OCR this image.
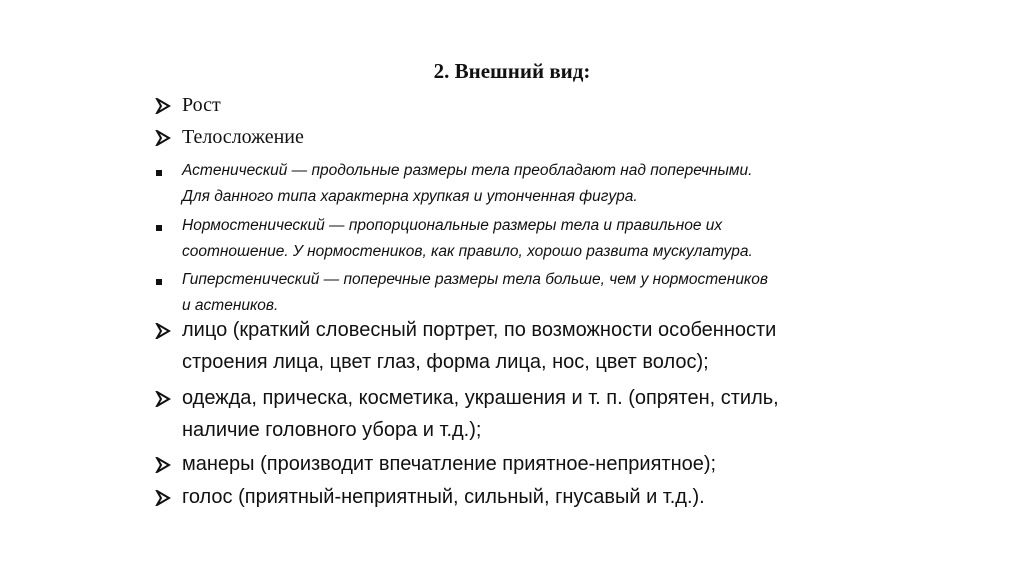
2. Внешний вид:
Рост
Телосложение
Астенический — продольные размеры тела преобладают над поперечными.
Для данного типа характерна хрупкая и утонченная фигура.
Нормостенический — пропорциональные размеры тела и правильное их
соотношение. У нормостеников, как правило, хорошо развита мускулатура.
Гиперстенический — поперечные размеры тела больше, чем у нормостеников
и астеников.
лицо (краткий словесный портрет, по возможности особенности
строения лица, цвет глаз, форма лица, нос, цвет волос);
одежда, прическа, косметика, украшения и т. п. (опрятен, стиль,
наличие головного убора и т.д.);
манеры (производит впечатление приятное-неприятное);
голос (приятный-неприятный, сильный, гнусавый и т.д.).
